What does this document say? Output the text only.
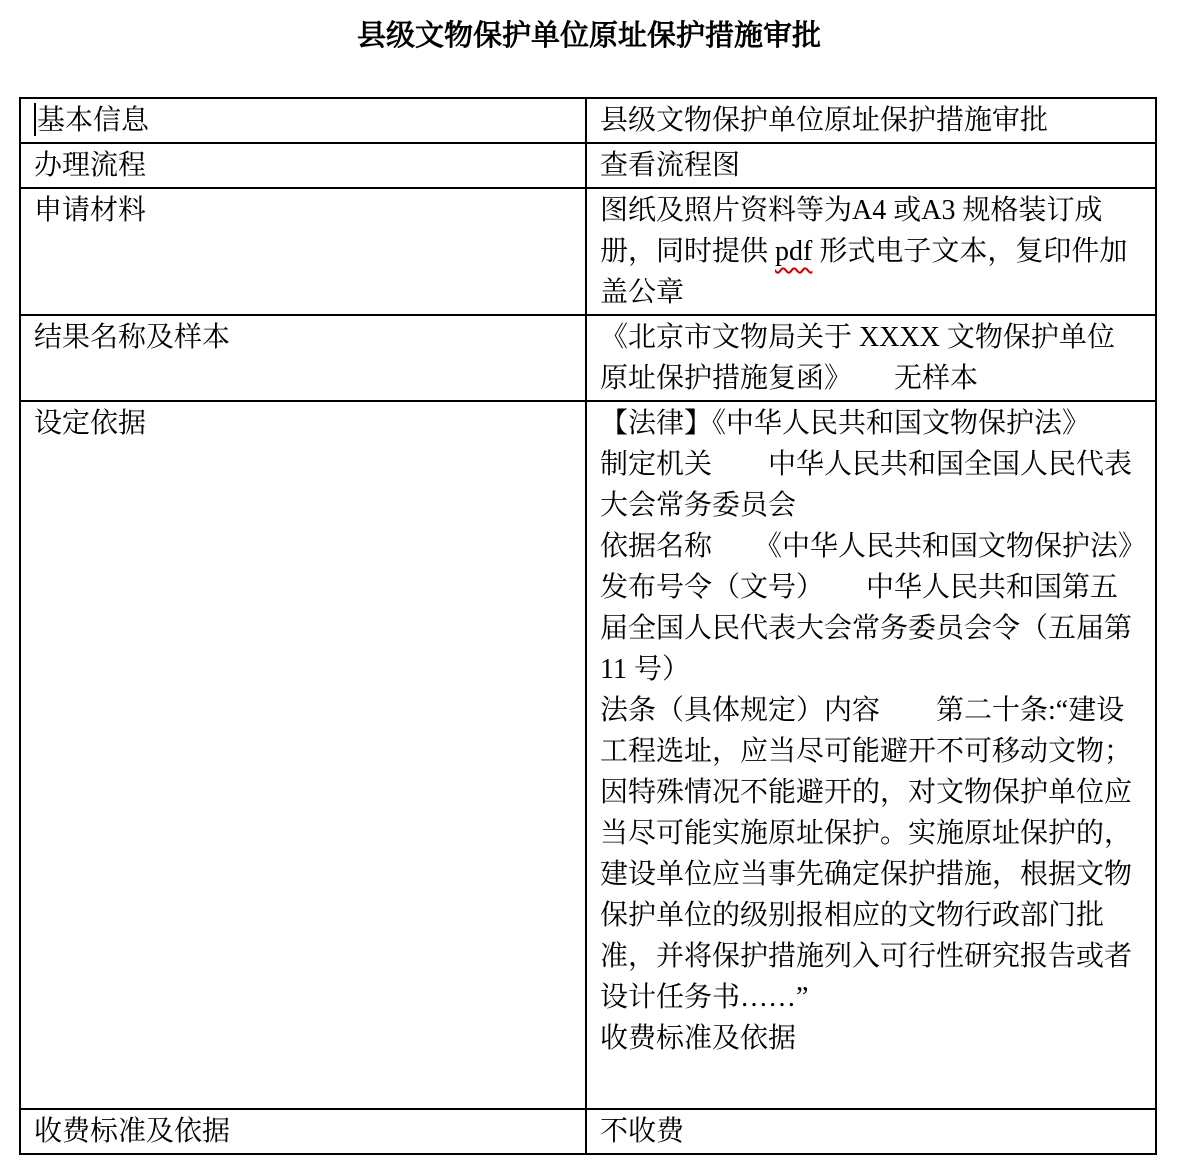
县级文物保护单位原址保护措施审批
基本信息	县级文物保护单位原址保护措施审批
办理流程	查看流程图
申请材料	图纸及照片资料等为A4 或A3 规格装订成册，同时提供 pdf 形式电子文本，复印件加盖公章
结果名称及样本	《北京市文物局关于 XXXX 文物保护单位原址保护措施复函》　　无样本
设定依据	【法律】《中华人民共和国文物保护法》

制定机关　　中华人民共和国全国人民代表大会常务委员会

依据名称　　《中华人民共和国文物保护法》

发布号令（文号）　　中华人民共和国第五届全国人民代表大会常务委员会令（五届第 11 号）

法条（具体规定）内容　　第二十条:“建设工程选址，应当尽可能避开不可移动文物；因特殊情况不能避开的，对文物保护单位应当尽可能实施原址保护。实施原址保护的，建设单位应当事先确定保护措施，根据文物保护单位的级别报相应的文物行政部门批准，并将保护措施列入可行性研究报告或者设计任务书……”

收费标准及依据

收费标准及依据	不收费
